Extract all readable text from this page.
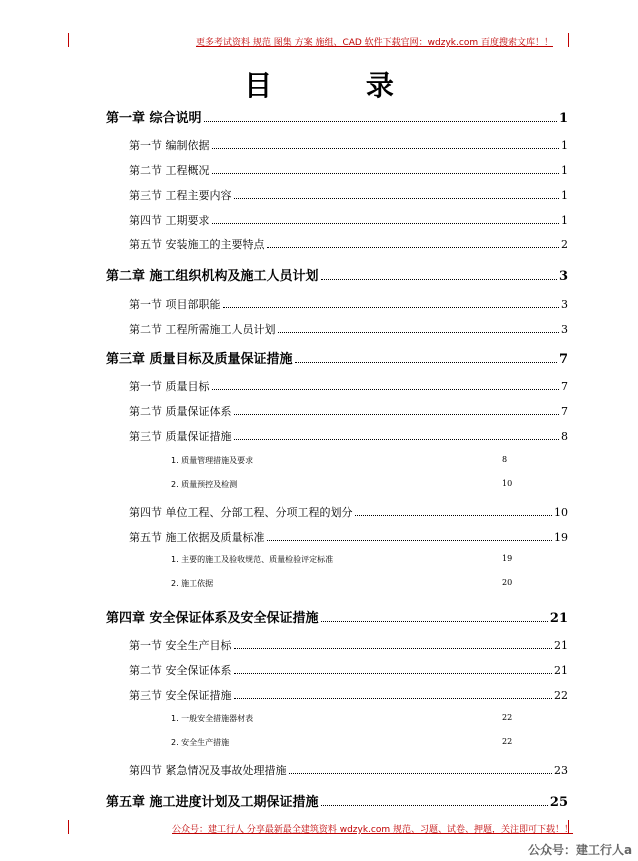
更多考试资料 规范 图集 方案 施组、CAD 软件下载官网：wdzyk.com 百度搜索文库！！
目 录
第一章 综合说明	1
第一节 编制依据	1
第二节 工程概况	1
第三节 工程主要内容	1
第四节 工期要求	1
第五节 安装施工的主要特点	2
第二章 施工组织机构及施工人员计划	3
第一节 项目部职能	3
第二节 工程所需施工人员计划	3
第三章 质量目标及质量保证措施	7
第一节 质量目标	7
第二节 质量保证体系	7
第三节 质量保证措施	8
1. 质量管理措施及要求	8
2. 质量预控及检测	10
第四节 单位工程、分部工程、分项工程的划分	10
第五节 施工依据及质量标准	19
1. 主要的施工及验收规范、质量检验评定标准	19
2. 施工依据	20
第四章 安全保证体系及安全保证措施	21
第一节 安全生产目标	21
第二节 安全保证体系	21
第三节 安全保证措施	22
1. 一般安全措施器材表	22
2. 安全生产措施	22
第四节 紧急情况及事故处理措施	23
第五章 施工进度计划及工期保证措施	25
公众号：建工行人 分享最新最全建筑资料 wdzyk.com 规范、习题、试卷、押题，关注即可下载！！
公众号：建工行人a
